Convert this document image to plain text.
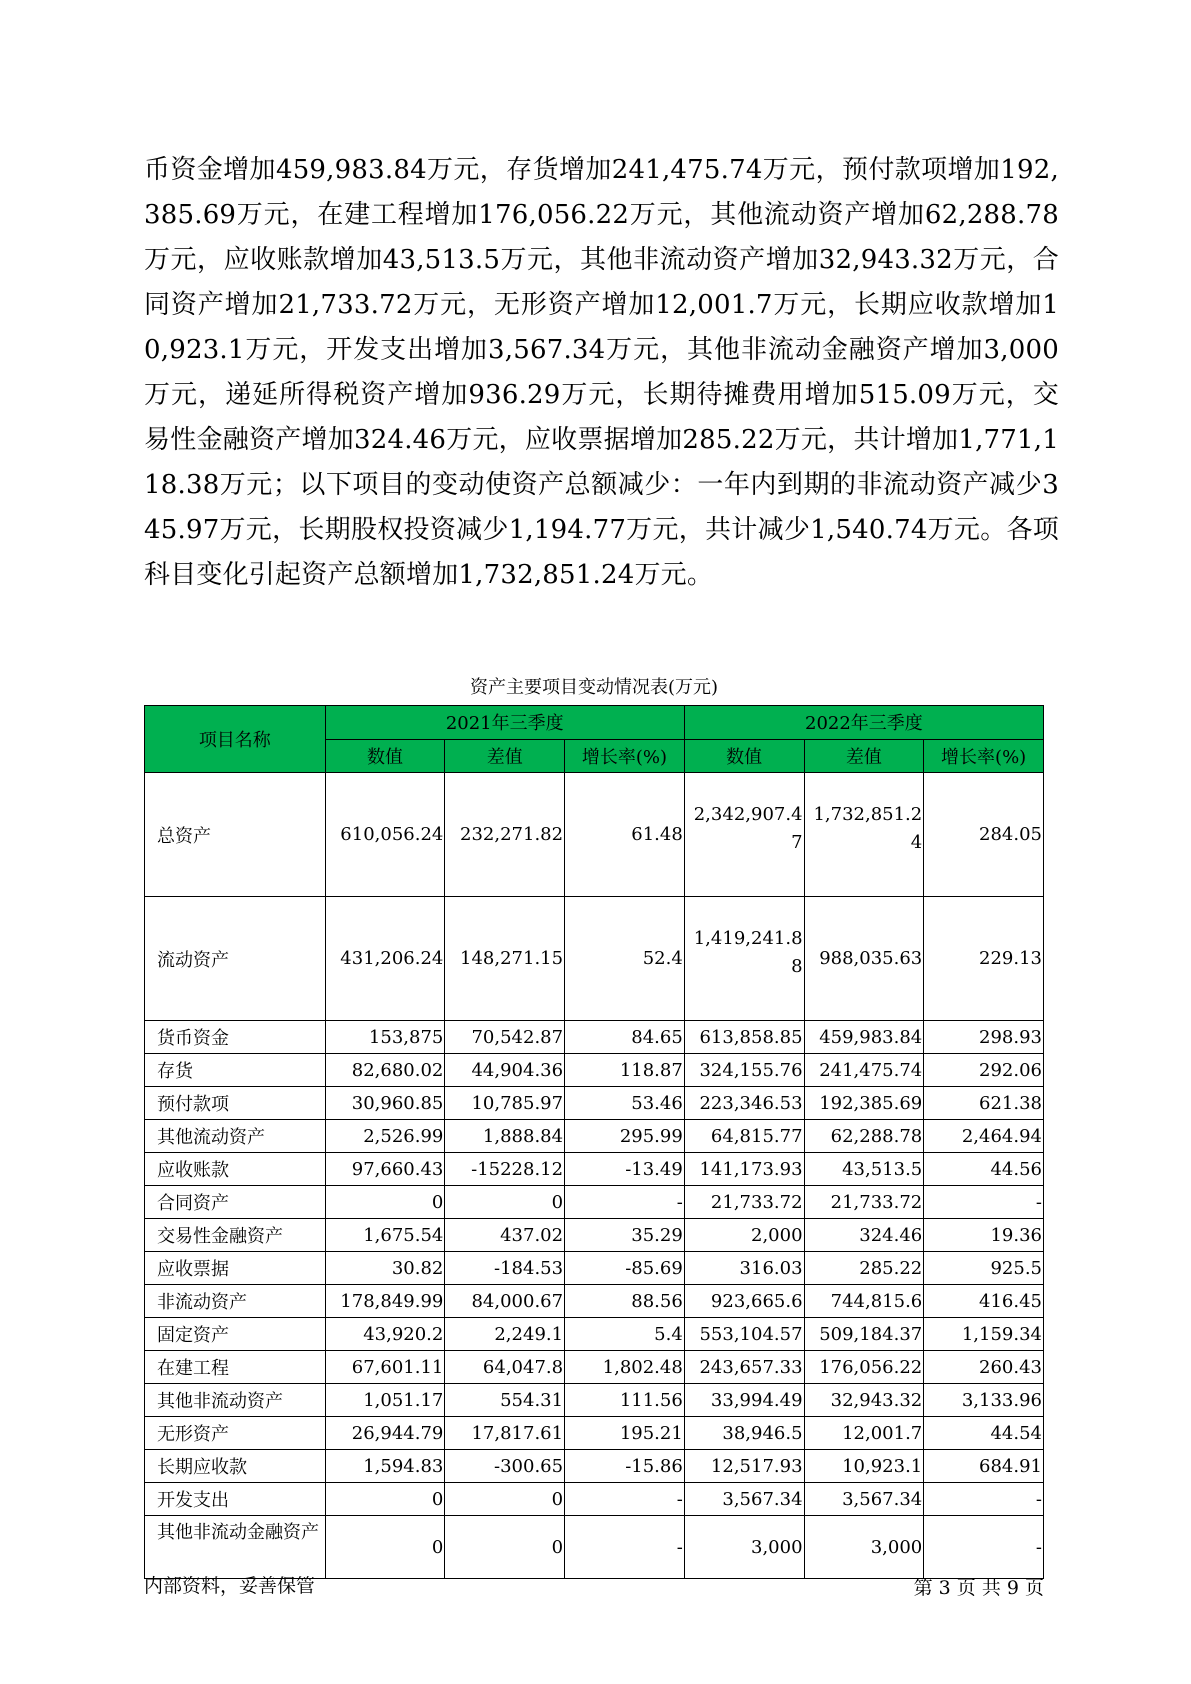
币资金增加459,983.84万元，存货增加241,475.74万元，预付款项增加192,385.69万元，在建工程增加176,056.22万元，其他流动资产增加62,288.78万元，应收账款增加43,513.5万元，其他非流动资产增加32,943.32万元，合同资产增加21,733.72万元，无形资产增加12,001.7万元，长期应收款增加10,923.1万元，开发支出增加3,567.34万元，其他非流动金融资产增加3,000万元，递延所得税资产增加936.29万元，长期待摊费用增加515.09万元，交易性金融资产增加324.46万元，应收票据增加285.22万元，共计增加1,771,118.38万元；以下项目的变动使资产总额减少：一年内到期的非流动资产减少345.97万元，长期股权投资减少1,194.77万元，共计减少1,540.74万元。各项科目变化引起资产总额增加1,732,851.24万元。
资产主要项目变动情况表(万元)
项目名称	2021年三季度			2022年三季度		
	数值	差值	增长率(%)	数值	差值	增长率(%)
总资产	610,056.24	232,271.82	61.48	2,342,907.47	1,732,851.24	284.05
流动资产	431,206.24	148,271.15	52.4	1,419,241.88	988,035.63	229.13
货币资金	153,875	70,542.87	84.65	613,858.85	459,983.84	298.93
存货	82,680.02	44,904.36	118.87	324,155.76	241,475.74	292.06
预付款项	30,960.85	10,785.97	53.46	223,346.53	192,385.69	621.38
其他流动资产	2,526.99	1,888.84	295.99	64,815.77	62,288.78	2,464.94
应收账款	97,660.43	-15228.12	-13.49	141,173.93	43,513.5	44.56
合同资产	0	0	-	21,733.72	21,733.72	-
交易性金融资产	1,675.54	437.02	35.29	2,000	324.46	19.36
应收票据	30.82	-184.53	-85.69	316.03	285.22	925.5
非流动资产	178,849.99	84,000.67	88.56	923,665.6	744,815.6	416.45
固定资产	43,920.2	2,249.1	5.4	553,104.57	509,184.37	1,159.34
在建工程	67,601.11	64,047.8	1,802.48	243,657.33	176,056.22	260.43
其他非流动资产	1,051.17	554.31	111.56	33,994.49	32,943.32	3,133.96
无形资产	26,944.79	17,817.61	195.21	38,946.5	12,001.7	44.54
长期应收款	1,594.83	-300.65	-15.86	12,517.93	10,923.1	684.91
开发支出	0	0	-	3,567.34	3,567.34	-
其他非流动金融资产	0	0	-	3,000	3,000	-
内部资料，妥善保管	第 3 页 共 9 页
